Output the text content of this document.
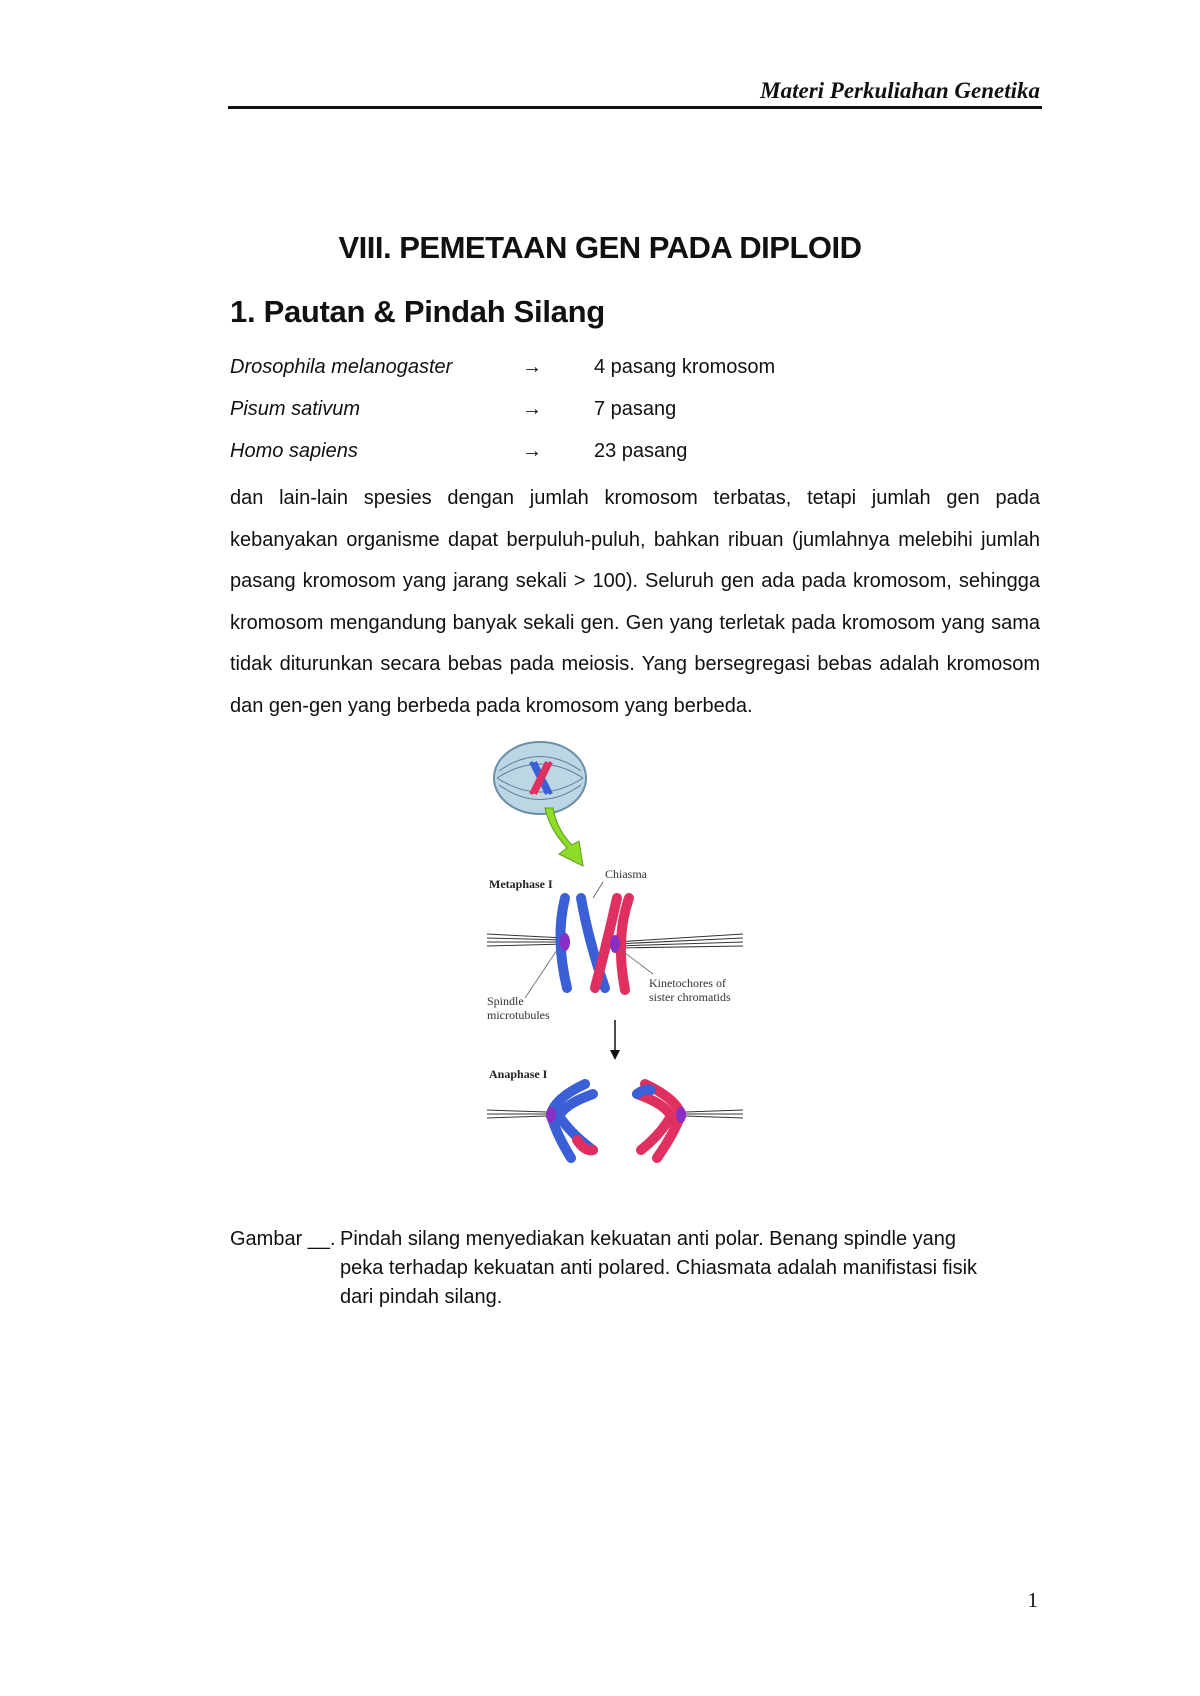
Materi Perkuliahan Genetika
VIII. PEMETAAN GEN PADA DIPLOID
1. Pautan & Pindah Silang
Drosophila melanogaster	→	4 pasang kromosom
Pisum sativum	→	7 pasang
Homo sapiens	→	23 pasang
dan lain-lain spesies dengan jumlah kromosom terbatas, tetapi jumlah gen pada kebanyakan organisme dapat berpuluh-puluh, bahkan ribuan (jumlahnya melebihi jumlah pasang kromosom yang jarang sekali > 100). Seluruh gen ada pada kromosom, sehingga kromosom mengandung banyak sekali gen. Gen yang terletak pada kromosom yang sama tidak diturunkan secara bebas pada meiosis. Yang bersegregasi bebas adalah kromosom dan gen-gen yang berbeda pada kromosom yang berbeda.
Metaphase I
Chiasma
Spindle
microtubules
Kinetochores of
sister chromatids
Anaphase I
Gambar __. Pindah silang menyediakan kekuatan anti polar. Benang spindle yang peka terhadap kekuatan anti polared. Chiasmata adalah manifistasi fisik dari pindah silang.
1
